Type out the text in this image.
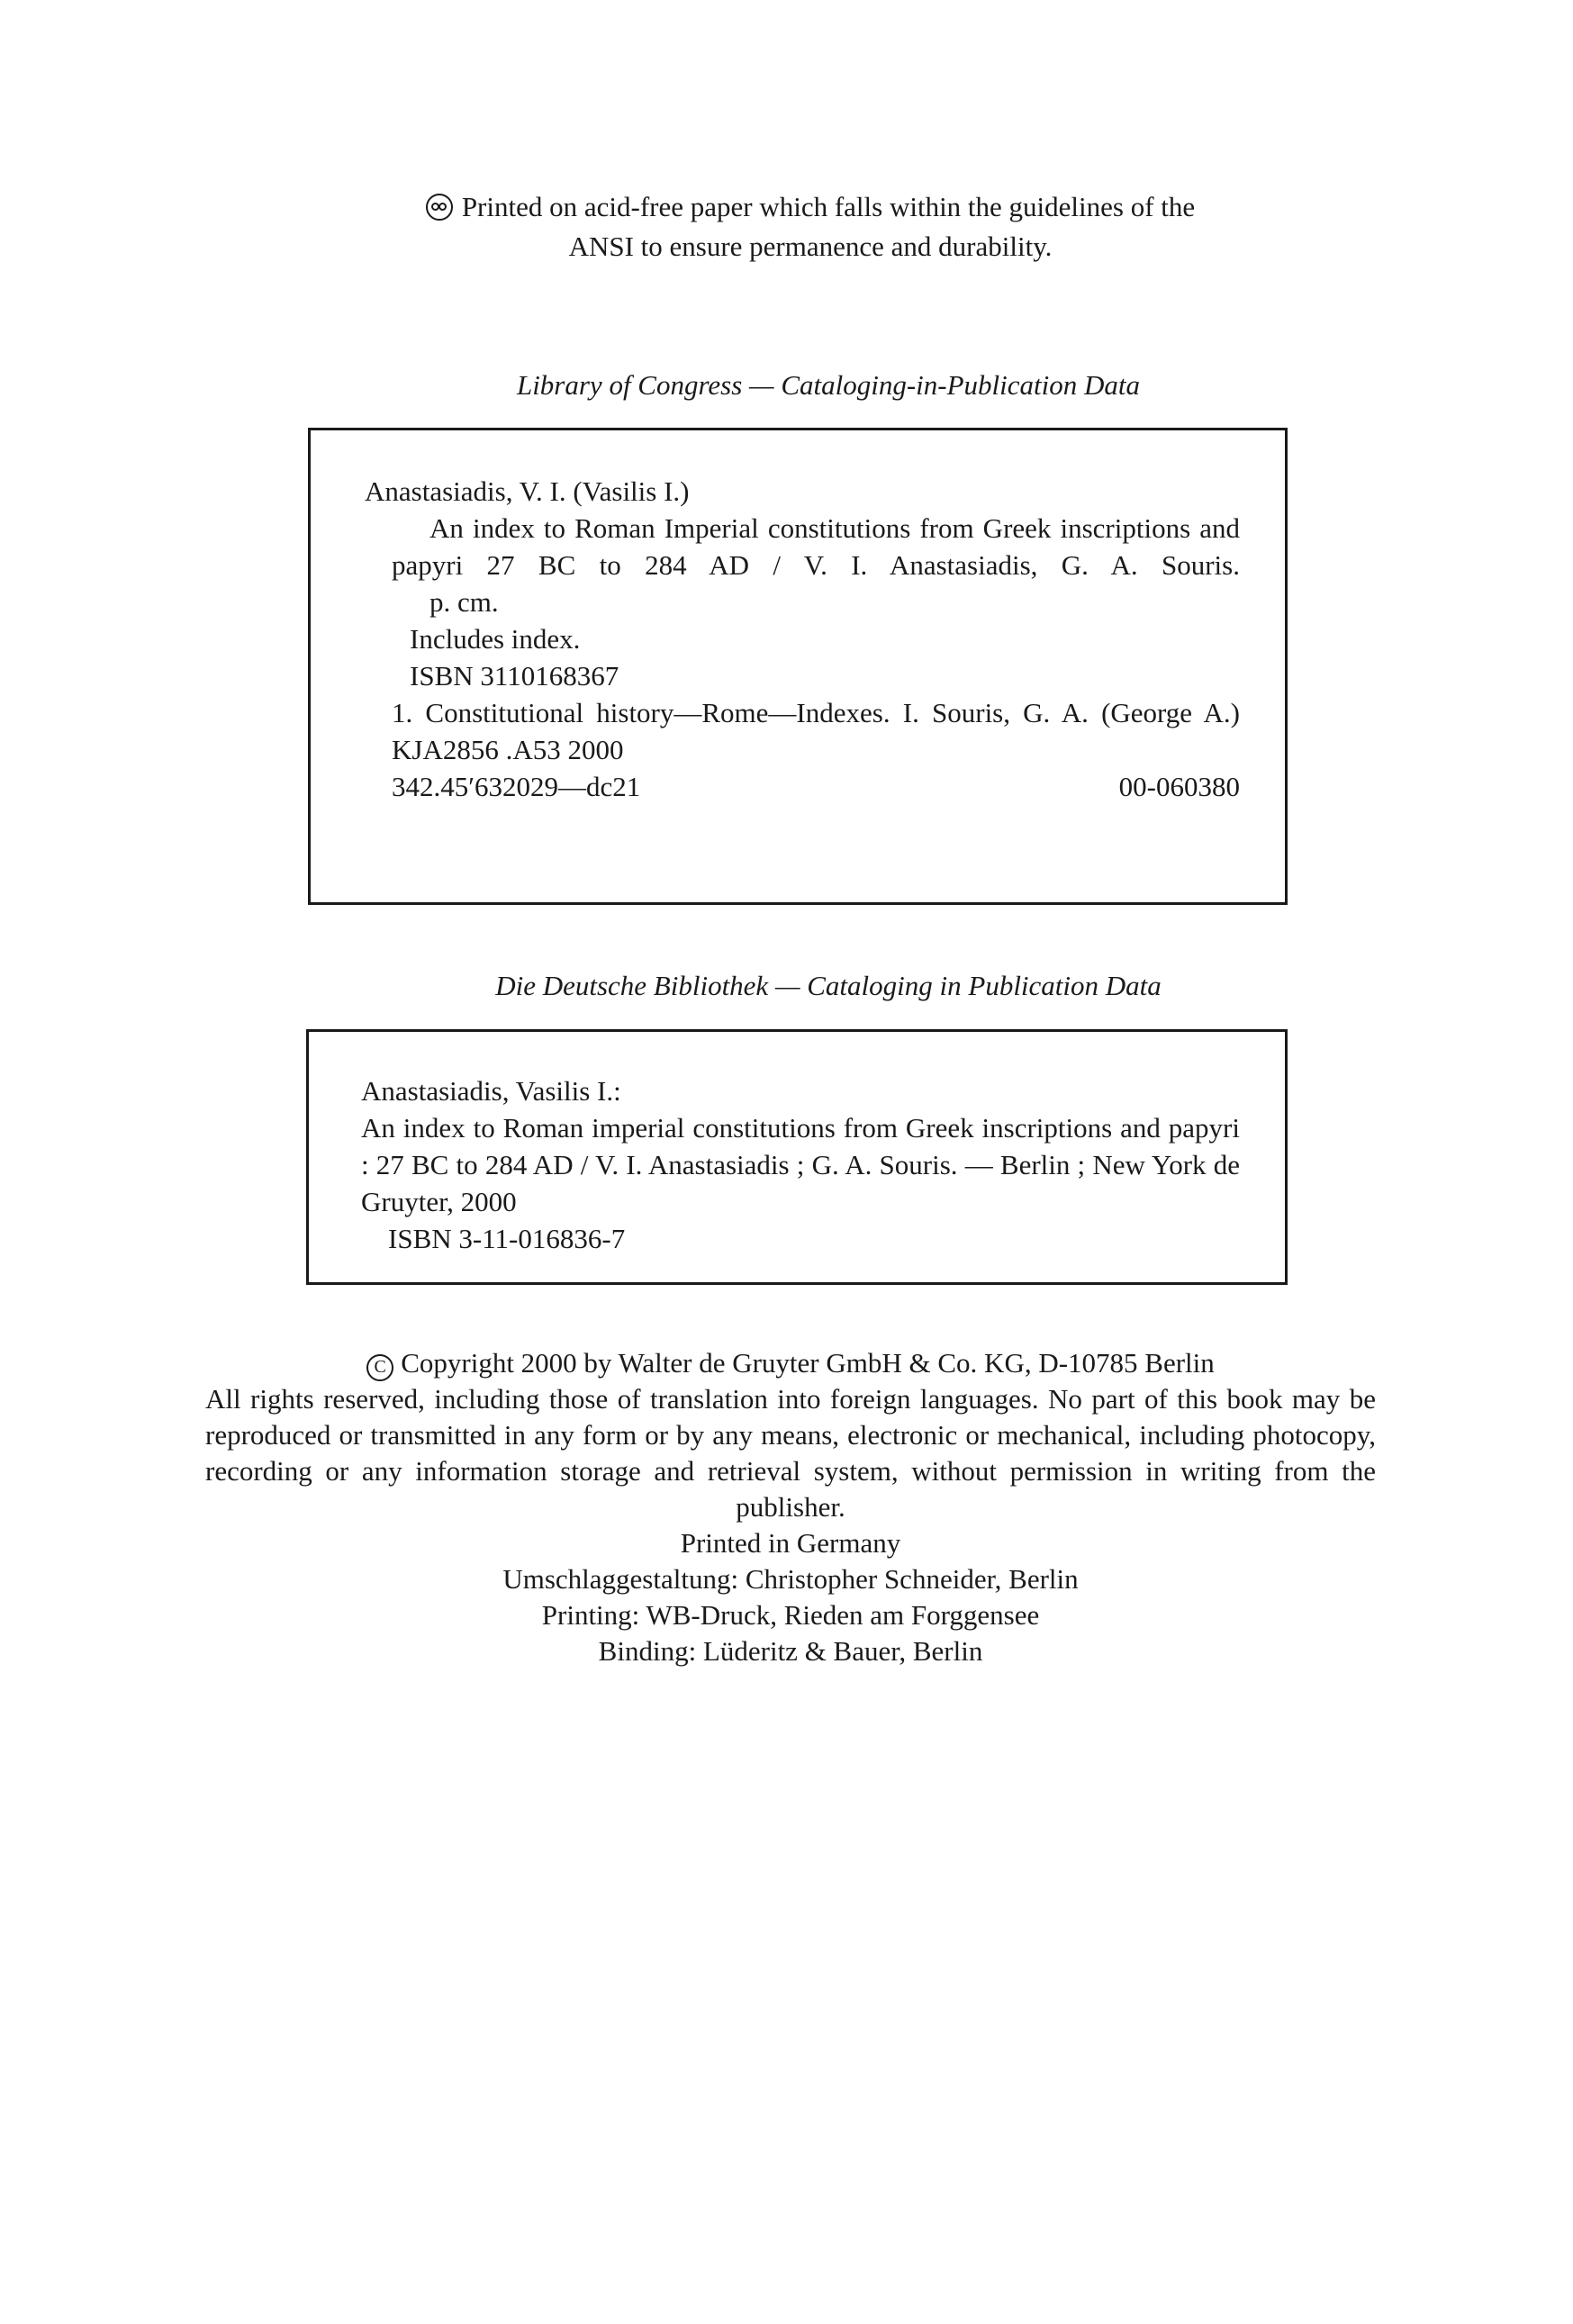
Printed on acid-free paper which falls within the guidelines of the
ANSI to ensure permanence and durability.
Library of Congress — Cataloging-in-Publication Data
Anastasiadis, V. I. (Vasilis I.)
An index to Roman Imperial constitutions from Greek inscriptions and papyri 27 BC to 284 AD / V. I. Anastasiadis, G. A. Souris.
p. cm.
Includes index.
ISBN 3110168367
1. Constitutional history—Rome—Indexes. I. Souris, G. A. (George A.)
KJA2856 .A53 2000
342.45′632029—dc21	00-060380
Die Deutsche Bibliothek — Cataloging in Publication Data
Anastasiadis, Vasilis I.:
An index to Roman imperial constitutions from Greek inscriptions and papyri : 27 BC to 284 AD / V. I. Anastasiadis ; G. A. Souris. — Berlin ; New York de Gruyter, 2000
ISBN 3-11-016836-7
C Copyright 2000 by Walter de Gruyter GmbH & Co. KG, D-10785 Berlin
All rights reserved, including those of translation into foreign languages. No part of this book may be reproduced or transmitted in any form or by any means, electronic or mechanical, including photocopy, recording or any information storage and retrieval system, without permission in writing from the publisher.
Printed in Germany
Umschlaggestaltung: Christopher Schneider, Berlin
Printing: WB-Druck, Rieden am Forggensee
Binding: Lüderitz & Bauer, Berlin
